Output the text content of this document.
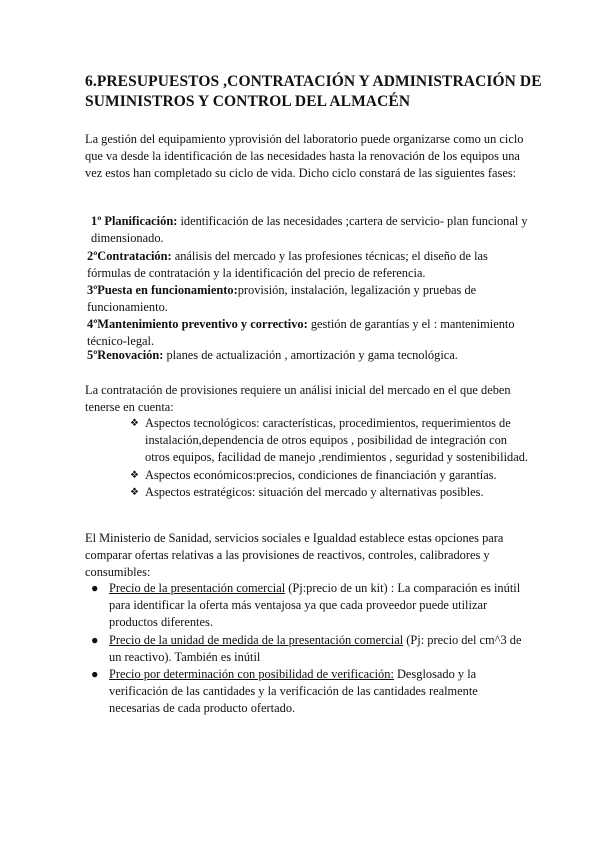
6.PRESUPUESTOS ,CONTRATACIÓN Y ADMINISTRACIÓN DE SUMINISTROS Y CONTROL DEL ALMACÉN
La gestión del equipamiento yprovisión del laboratorio puede organizarse como un ciclo que va desde la identificación de las necesidades hasta la renovación de los equipos una vez estos han completado su ciclo de vida. Dicho ciclo constará de las siguientes fases:
1º Planificación: identificación de las necesidades ;cartera de servicio- plan funcional y dimensionado.
2ºContratación: análisis del mercado y las profesiones técnicas; el diseño de las fórmulas de contratación y la identificación del precio de referencia.
3ºPuesta en funcionamiento:provisión, instalación, legalización y pruebas de funcionamiento.
4ºMantenimiento preventivo y correctivo: gestión de garantías y el : mantenimiento técnico-legal.
5ºRenovación: planes de actualización , amortización y gama tecnológica.
La contratación de provisiones requiere un análisi inicial del mercado en el que deben tenerse en cuenta:
❖ Aspectos tecnológicos: características, procedimientos, requerimientos de instalación,dependencia de otros equipos , posibilidad de integración con otros equipos, facilidad de manejo ,rendimientos , seguridad y sostenibilidad.
❖ Aspectos económicos:precios, condiciones de financiación y garantías.
❖ Aspectos estratégicos: situación del mercado y alternativas posibles.
El Ministerio de Sanidad, servicios sociales e Igualdad establece estas opciones para comparar ofertas relativas a las provisiones de reactivos, controles, calibradores y consumibles:
● Precio de la presentación comercial (Pj:precio de un kit) : La comparación es inútil para identificar la oferta más ventajosa ya que cada proveedor puede utilizar productos diferentes.
● Precio de la unidad de medida de la presentación comercial (Pj: precio del cm^3 de un reactivo). También es inútil
● Precio por determinación con posibilidad de verificación: Desglosado y la verificación de las cantidades y la verificación de las cantidades realmente necesarias de cada producto ofertado.
